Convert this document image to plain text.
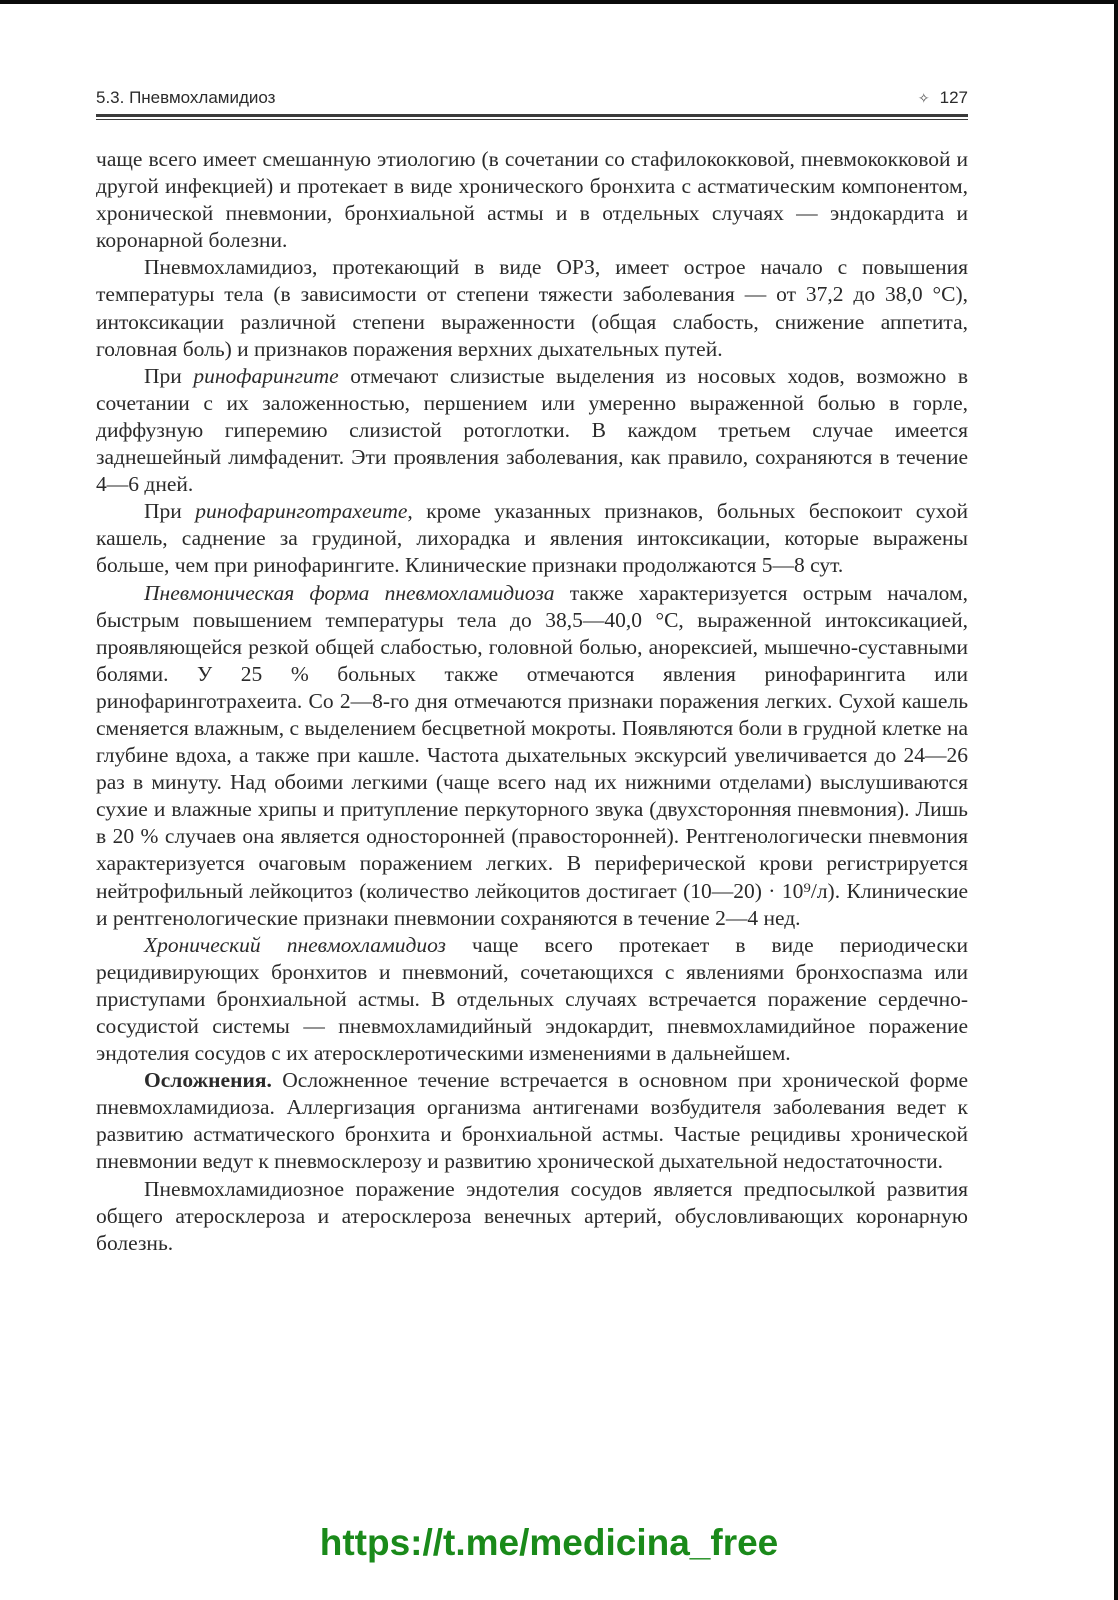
5.3. Пневмохламидиоз	✧ 127

чаще всего имеет смешанную этиологию (в сочетании со стафилококковой, пневмококковой и другой инфекцией) и протекает в виде хронического бронхита с астматическим компонентом, хронической пневмонии, бронхиальной астмы и в отдельных случаях — эндокардита и коронарной болезни.

Пневмохламидиоз, протекающий в виде ОРЗ, имеет острое начало с повышения температуры тела (в зависимости от степени тяжести заболевания — от 37,2 до 38,0 °С), интоксикации различной степени выраженности (общая слабость, снижение аппетита, головная боль) и признаков поражения верхних дыхательных путей.

При ринофарингите отмечают слизистые выделения из носовых ходов, возможно в сочетании с их заложенностью, першением или умеренно выраженной болью в горле, диффузную гиперемию слизистой ротоглотки. В каждом третьем случае имеется заднешейный лимфаденит. Эти проявления заболевания, как правило, сохраняются в течение 4—6 дней.

При ринофаринготрахеите, кроме указанных признаков, больных беспокоит сухой кашель, саднение за грудиной, лихорадка и явления интоксикации, которые выражены больше, чем при ринофарингите. Клинические признаки продолжаются 5—8 сут.

Пневмоническая форма пневмохламидиоза также характеризуется острым началом, быстрым повышением температуры тела до 38,5—40,0 °С, выраженной интоксикацией, проявляющейся резкой общей слабостью, головной болью, анорексией, мышечно-суставными болями. У 25 % больных также отмечаются явления ринофарингита или ринофаринготрахеита. Со 2—8-го дня отмечаются признаки поражения легких. Сухой кашель сменяется влажным, с выделением бесцветной мокроты. Появляются боли в грудной клетке на глубине вдоха, а также при кашле. Частота дыхательных экскурсий увеличивается до 24—26 раз в минуту. Над обоими легкими (чаще всего над их нижними отделами) выслушиваются сухие и влажные хрипы и притупление перкуторного звука (двухсторонняя пневмония). Лишь в 20 % случаев она является односторонней (правосторонней). Рентгенологически пневмония характеризуется очаговым поражением легких. В периферической крови регистрируется нейтрофильный лейкоцитоз (количество лейкоцитов достигает (10—20) · 10⁹/л). Клинические и рентгенологические признаки пневмонии сохраняются в течение 2—4 нед.

Хронический пневмохламидиоз чаще всего протекает в виде периодически рецидивирующих бронхитов и пневмоний, сочетающихся с явлениями бронхоспазма или приступами бронхиальной астмы. В отдельных случаях встречается поражение сердечно-сосудистой системы — пневмохламидийный эндокардит, пневмохламидийное поражение эндотелия сосудов с их атеросклеротическими изменениями в дальнейшем.

Осложнения. Осложненное течение встречается в основном при хронической форме пневмохламидиоза. Аллергизация организма антигенами возбудителя заболевания ведет к развитию астматического бронхита и бронхиальной астмы. Частые рецидивы хронической пневмонии ведут к пневмосклерозу и развитию хронической дыхательной недостаточности.

Пневмохламидиозное поражение эндотелия сосудов является предпосылкой развития общего атеросклероза и атеросклероза венечных артерий, обусловливающих коронарную болезнь.

https://t.me/medicina_free
